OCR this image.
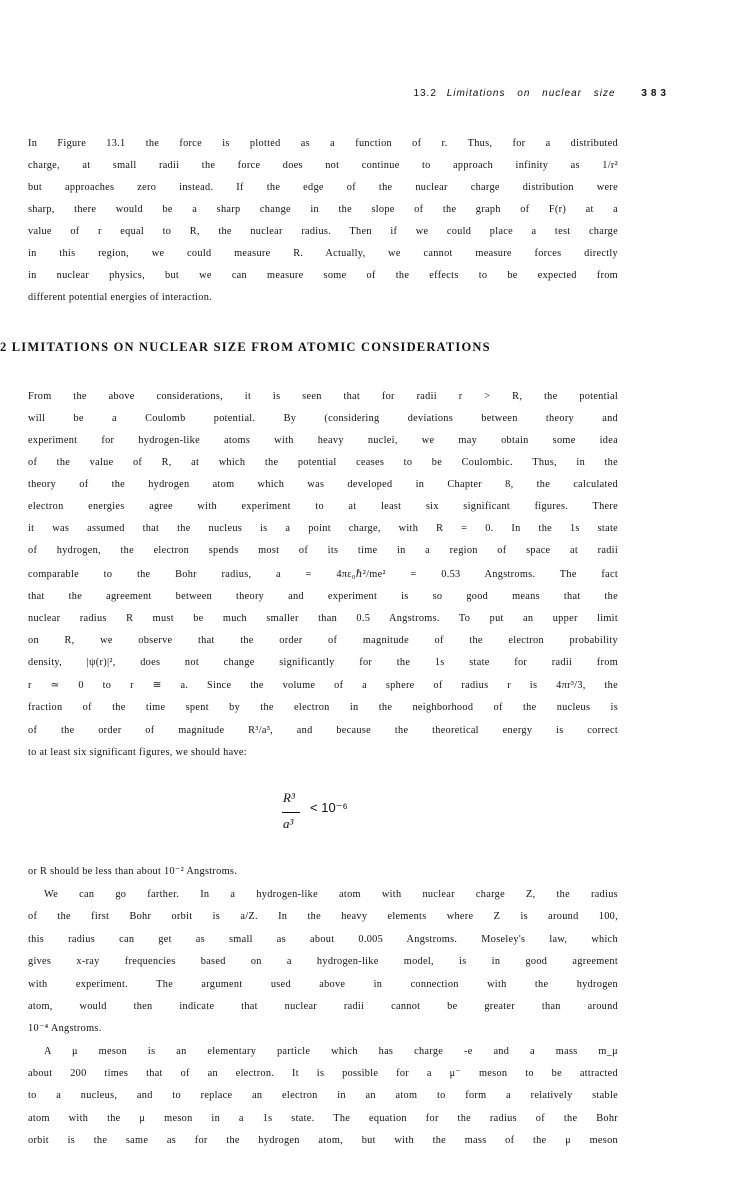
13.2 Limitations on nuclear size	383
In Figure 13.1 the force is plotted as a function of r. Thus, for a distributed
charge, at small radii the force does not continue to approach infinity as 1/r²
but approaches zero instead. If the edge of the nuclear charge distribution were
sharp, there would be a sharp change in the slope of the graph of F(r) at a
value of r equal to R, the nuclear radius. Then if we could place a test charge
in this region, we could measure R. Actually, we cannot measure forces directly
in nuclear physics, but we can measure some of the effects to be expected from
different potential energies of interaction.
2 LIMITATIONS ON NUCLEAR SIZE FROM ATOMIC CONSIDERATIONS
From the above considerations, it is seen that for radii r > R, the potential
will be a Coulomb potential. By (considering deviations between theory and
experiment for hydrogen-like atoms with heavy nuclei, we may obtain some idea
of the value of R, at which the potential ceases to be Coulombic. Thus, in the
theory of the hydrogen atom which was developed in Chapter 8, the calculated
electron energies agree with experiment to at least six significant figures. There
it was assumed that the nucleus is a point charge, with R = 0. In the 1s state
of hydrogen, the electron spends most of its time in a region of space at radii
comparable to the Bohr radius, a = 4πε₀ℏ²/me² = 0.53 Angstroms. The fact
that the agreement between theory and experiment is so good means that the
nuclear radius R must be much smaller than 0.5 Angstroms. To put an upper limit
on R, we observe that the order of magnitude of the electron probability
density, |ψ(r)|², does not change significantly for the 1s state for radii from
r ≃ 0 to r ≅ a. Since the volume of a sphere of radius r is 4πr³/3, the
fraction of the time spent by the electron in the neighborhood of the nucleus is
of the order of magnitude R³/a³, and because the theoretical energy is correct
to at least six significant figures, we should have:
R³
a³
< 10⁻⁶
or R should be less than about 10⁻² Angstroms.
We can go farther. In a hydrogen-like atom with nuclear charge Z, the radius
of the first Bohr orbit is a/Z. In the heavy elements where Z is around 100,
this radius can get as small as about 0.005 Angstroms. Moseley's law, which
gives x-ray frequencies based on a hydrogen-like model, is in good agreement
with experiment. The argument used above in connection with the hydrogen
atom, would then indicate that nuclear radii cannot be greater than around
10⁻⁴ Angstroms.
A μ meson is an elementary particle which has charge -e and a mass m_μ
about 200 times that of an electron. It is possible for a μ⁻ meson to be attracted
to a nucleus, and to replace an electron in an atom to form a relatively stable
atom with the μ meson in a 1s state. The equation for the radius of the Bohr
orbit is the same as for the hydrogen atom, but with the mass of the μ meson
